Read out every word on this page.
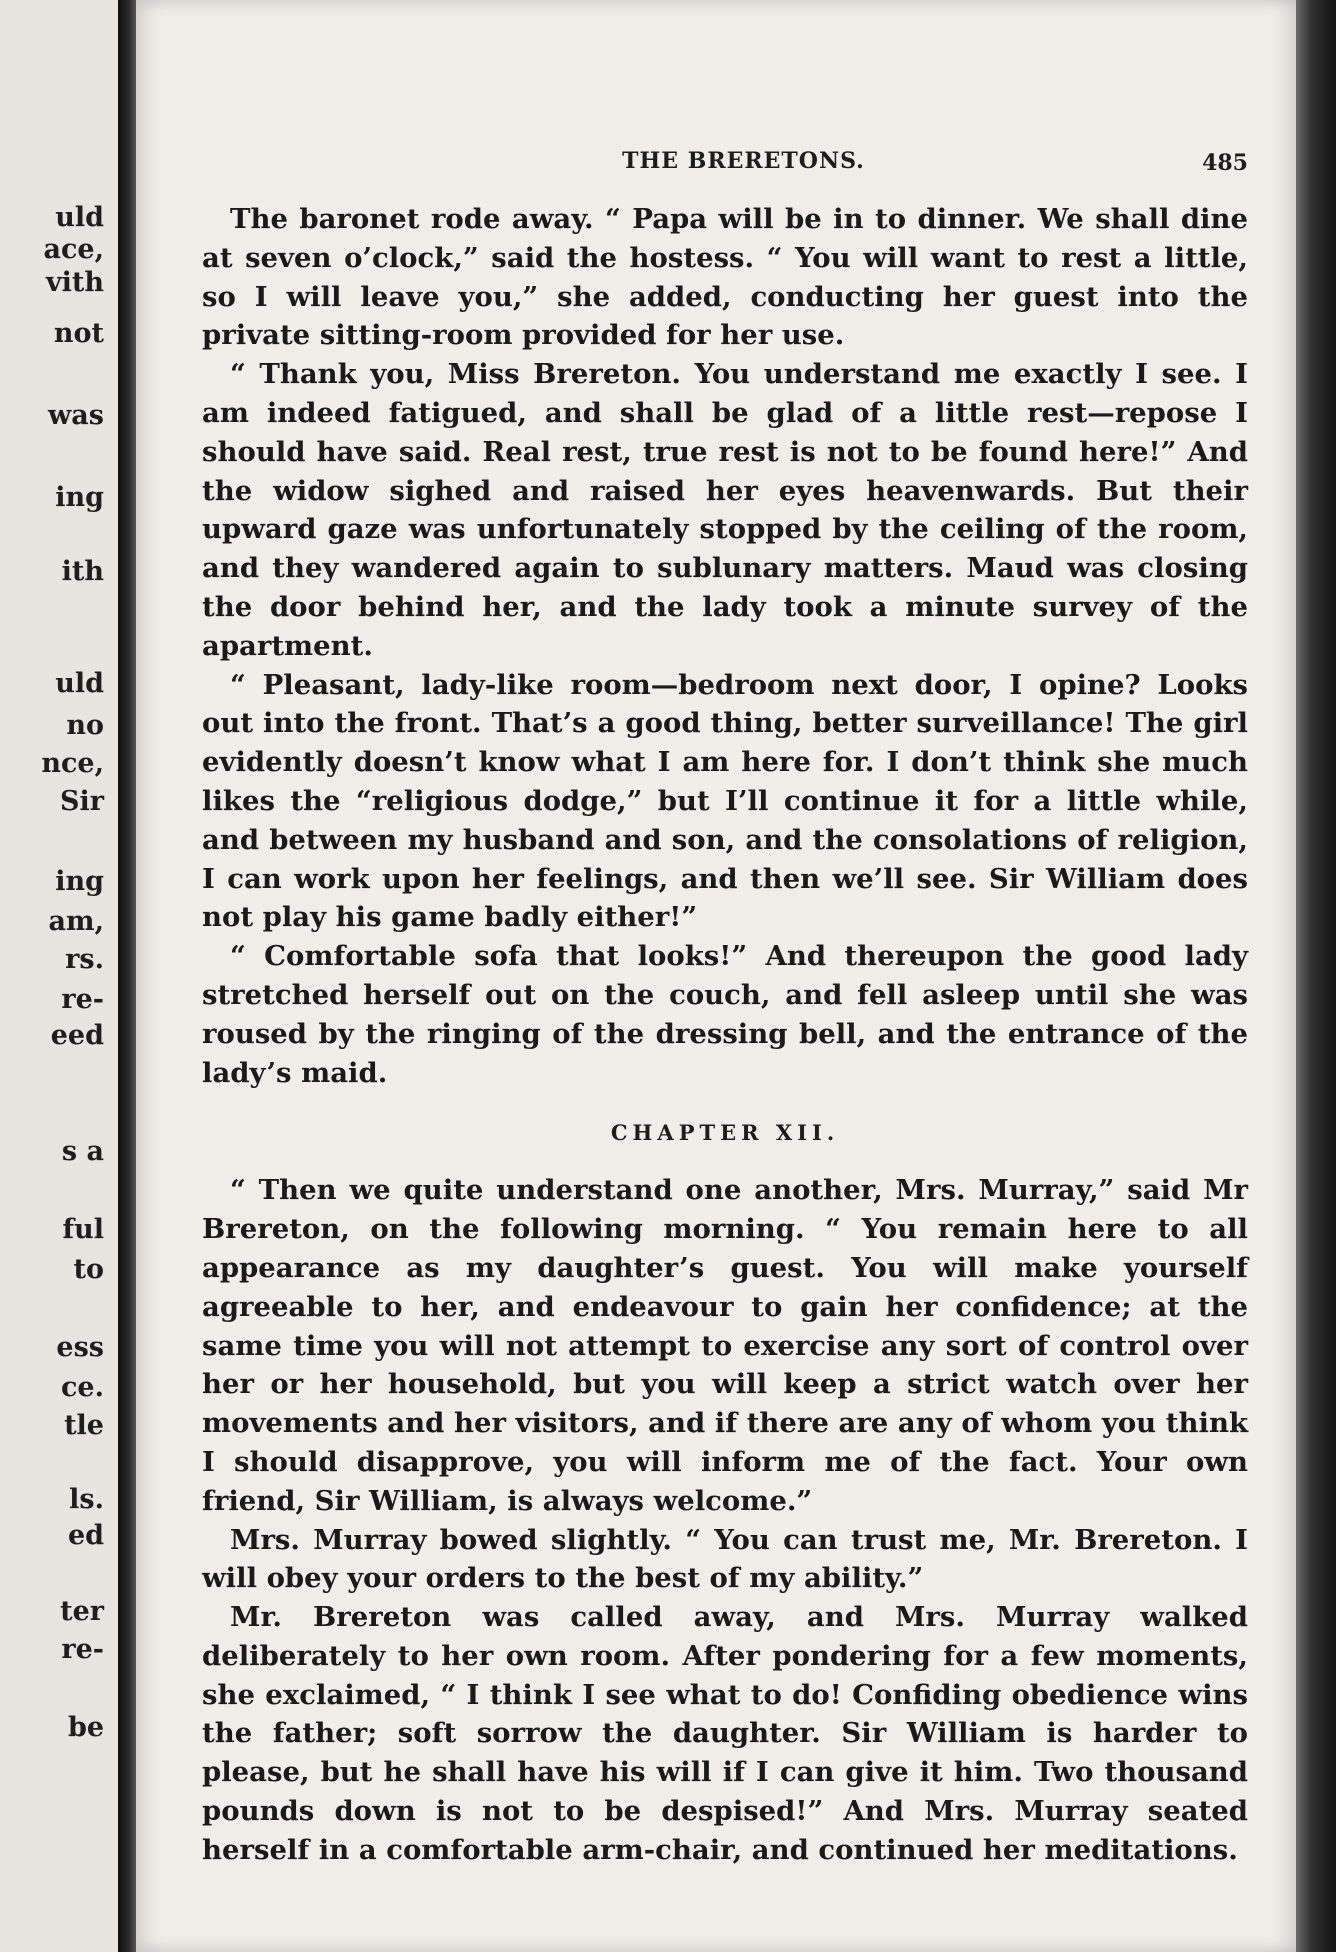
uld
ace,
vith
not
was
ing
ith
uld
no
nce,
Sir
ing
am,
rs.
re-
eed
s a
ful
to
ess
ce.
tle
ls.
ed
ter
re-
be
THE BRERETONS.	485

The baronet rode away. “ Papa will be in to dinner. We shall dine at seven o’clock,” said the hostess. “ You will want to rest a little, so I will leave you,” she added, conducting her guest into the private sitting-room provided for her use.

“ Thank you, Miss Brereton. You understand me exactly I see. I am indeed fatigued, and shall be glad of a little rest—repose I should have said. Real rest, true rest is not to be found here!” And the widow sighed and raised her eyes heavenwards. But their upward gaze was unfortunately stopped by the ceiling of the room, and they wandered again to sublunary matters. Maud was closing the door behind her, and the lady took a minute survey of the apartment.

“ Pleasant, lady-like room—bedroom next door, I opine? Looks out into the front. That’s a good thing, better surveillance! The girl evidently doesn’t know what I am here for. I don’t think she much likes the “religious dodge,” but I’ll continue it for a little while, and between my husband and son, and the consolations of religion, I can work upon her feelings, and then we’ll see. Sir William does not play his game badly either!”

“ Comfortable sofa that looks!” And thereupon the good lady stretched herself out on the couch, and fell asleep until she was roused by the ringing of the dressing bell, and the entrance of the lady’s maid.

CHAPTER XII.

“ Then we quite understand one another, Mrs. Murray,” said Mr Brereton, on the following morning. “ You remain here to all appearance as my daughter’s guest. You will make yourself agreeable to her, and endeavour to gain her confidence; at the same time you will not attempt to exercise any sort of control over her or her household, but you will keep a strict watch over her movements and her visitors, and if there are any of whom you think I should disapprove, you will inform me of the fact. Your own friend, Sir William, is always welcome.”

Mrs. Murray bowed slightly. “ You can trust me, Mr. Brereton. I will obey your orders to the best of my ability.”

Mr. Brereton was called away, and Mrs. Murray walked deliberately to her own room. After pondering for a few moments, she exclaimed, “ I think I see what to do! Confiding obedience wins the father; soft sorrow the daughter. Sir William is harder to please, but he shall have his will if I can give it him. Two thousand pounds down is not to be despised!” And Mrs. Murray seated herself in a comfortable arm-chair, and continued her meditations.
